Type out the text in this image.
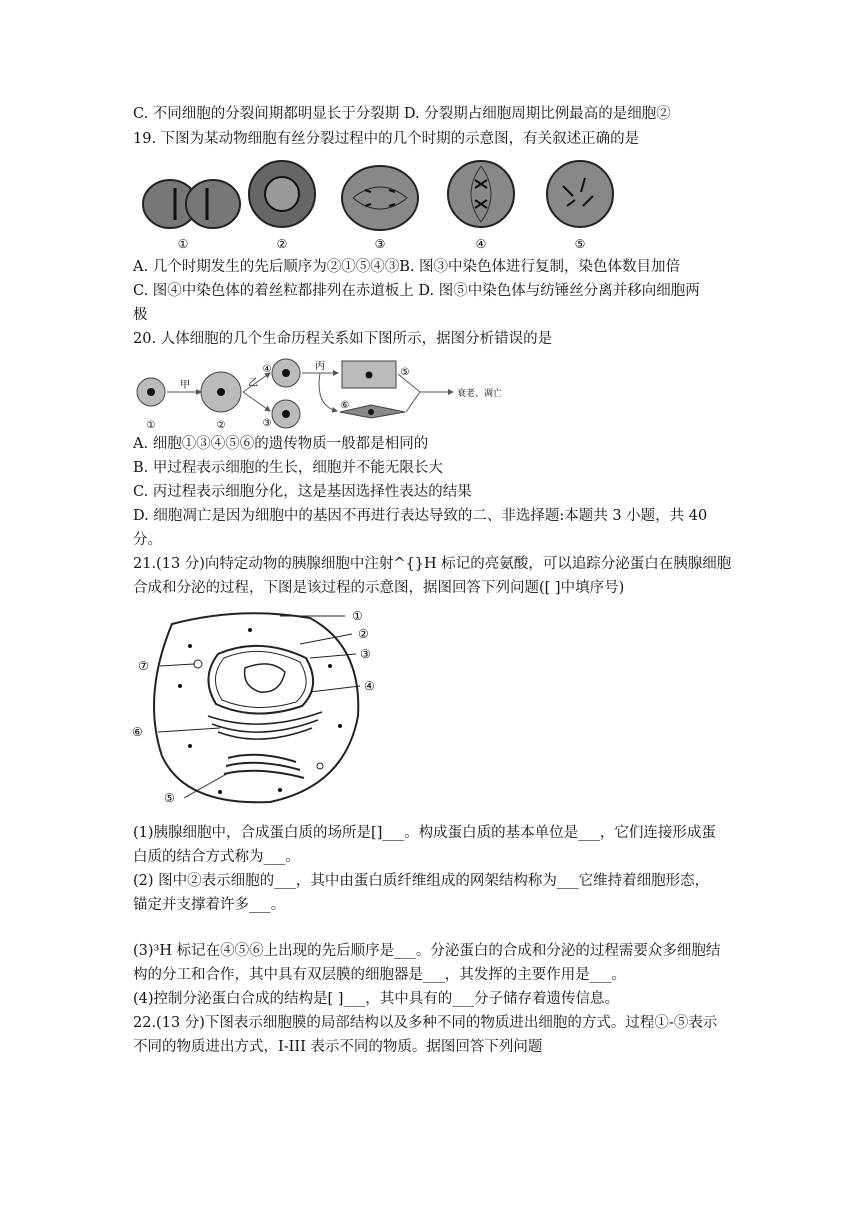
C. 不同细胞的分裂间期都明显长于分裂期 D. 分裂期占细胞周期比例最高的是细胞②
19. 下图为某动物细胞有丝分裂过程中的几个时期的示意图，有关叙述正确的是
①	②	③	④	⑤
A. 几个时期发生的先后顺序为②①⑤④③B. 图③中染色体进行复制，染色体数目加倍
C. 图④中染色体的着丝粒都排列在赤道板上 D. 图⑤中染色体与纺锤丝分离并移向细胞两
极
20. 人体细胞的几个生命历程关系如下图所示，据图分析错误的是
甲	乙
丙
衰老、凋亡
①	②	③
④	⑤
⑥
A. 细胞①③④⑤⑥的遗传物质一般都是相同的
B. 甲过程表示细胞的生长，细胞并不能无限长大
C. 丙过程表示细胞分化，这是基因选择性表达的结果
D. 细胞凋亡是因为细胞中的基因不再进行表达导致的二、非选择题:本题共 3 小题，共 40
分。
21.(13 分)向特定动物的胰腺细胞中注射^{}H 标记的亮氨酸，可以追踪分泌蛋白在胰腺细胞
合成和分泌的过程，下图是该过程的示意图，据图回答下列问题([ ]中填序号)
①
②
③
④
⑤
⑥
⑦
(1)胰腺细胞中，合成蛋白质的场所是[]___。构成蛋白质的基本单位是___，它们连接形成蛋
白质的结合方式称为___。
(2) 图中②表示细胞的___，其中由蛋白质纤维组成的网架结构称为___它维持着细胞形态，
锚定并支撑着许多___。
(3)³H 标记在④⑤⑥上出现的先后顺序是___。分泌蛋白的合成和分泌的过程需要众多细胞结
构的分工和合作，其中具有双层膜的细胞器是___，其发挥的主要作用是___。
(4)控制分泌蛋白合成的结构是[ ]___，其中具有的___分子储存着遗传信息。
22.(13 分)下图表示细胞膜的局部结构以及多种不同的物质进出细胞的方式。过程①-⑤表示
不同的物质进出方式，I-III 表示不同的物质。据图回答下列问题
